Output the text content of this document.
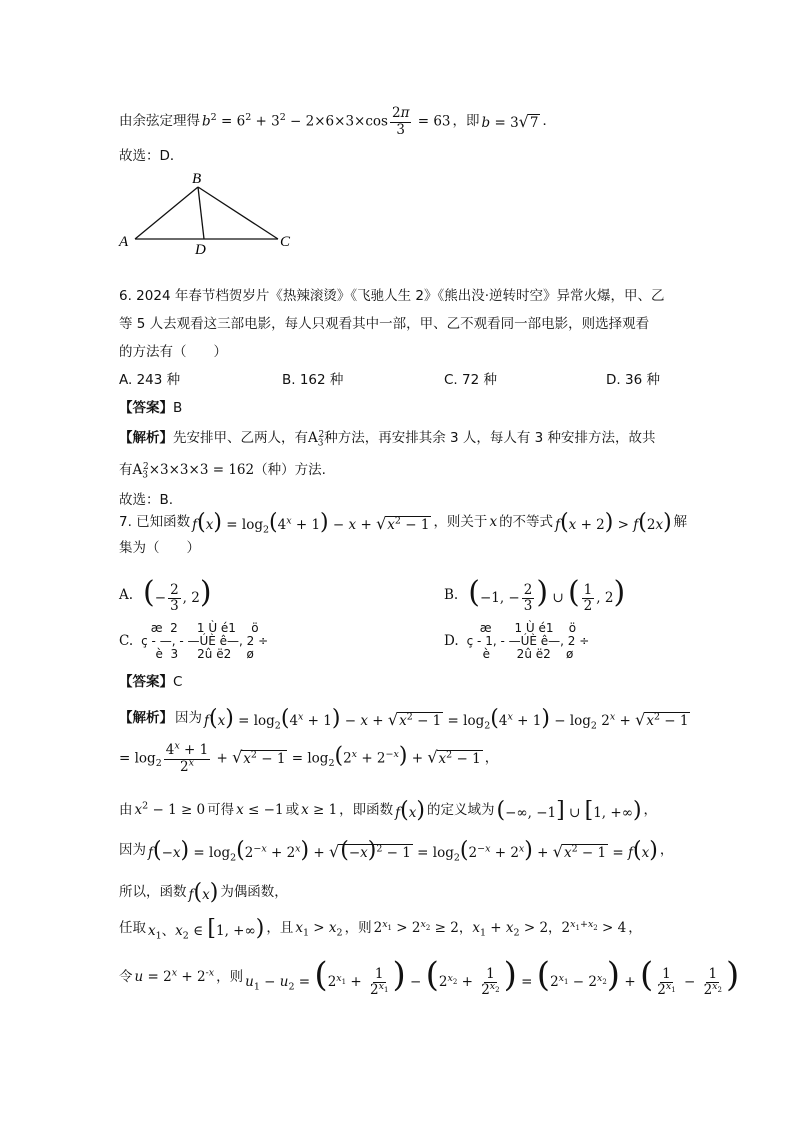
由余弦定理得 $b^2 = 6^2 + 3^2 - 2\times 6\times 3\times\cos \frac{2\pi}{3} = 63$ ，即 b = 3√7 ．
故选：D．
B
A	D	C
6. 2024 年春节档贺岁片《热辣滚烫》《飞驰人生 2》《熊出没·逆转时空》异常火爆，甲、乙
等 5 人去观看这三部电影，每人只观看其中一部，甲、乙不观看同一部电影，则选择观看
的方法有（　　）
A. 243 种	B. 162 种	C. 72 种	D. 36 种
【答案】B
【解析】先安排甲、乙两人，有$A_3^2$种方法，再安排其余 3 人，每人有 3 种安排方法，故共
有$A_3^2\times 3\times 3\times 3 = 162$（种）方法.
故选：B.
7. 已知函数 $f(x) = \log_2(4^x + 1) - x + √x^2 - 1$ ，则关于 x 的不等式 f(x + 2) > f(2x) 解
集为（　　）
A. (− $\frac{2}{3}$ , 2)	B. (−1, − $\frac{2}{3}$ ) ∪ ( $\frac{1}{2}$ , 2)
C.
æ  2     1 Ù é1    ö
ç - —, - —ÚÈ ê—, 2 ÷
è  3     2û ë2    ø
D.
æ      1 Ù é1    ö
ç - 1, - —ÚÈ ê—, 2 ÷
è       2û ë2    ø
【答案】C
【解析】 因为 $f(x) = \log_2(4^x + 1) - x + √x^2 - 1 = \log_2(4^x + 1) - \log_2 2^x + √x^2 - 1$
= $\log_2 \frac{4^x + 1}{2^x} + √x^2 - 1 = \log_2(2^x + 2^{-x}) + √x^2 - 1$ ，
由 $x^2 - 1 \ge 0$ 可得 x ≤ −1 或 x ≥ 1 ，即函数 f(x) 的定义域为 (−∞, −1] ∪ [1, +∞) ，
因为 $f(-x) = \log_2(2^{-x} + 2^x) + √(-x)^2 - 1 = \log_2(2^{-x} + 2^x) + √x^2 - 1 = f(x)$ ，
所以，函数 f(x) 为偶函数，
任取 $x_1$、$x_2$ ∈ [1, +∞) ，且 $x_1 > x_2$ ，则 $2^{x_1} > 2^{x_2} \ge 2$，$x_1 + x_2 > 2$，$2^{x_1+x_2} > 4$ ，
令 $u = 2^x + 2^{-x}$ ，则 $u_1 - u_2 = (2^{x_1} + \frac{1}{2^{x_1}}$ ) − ($2^{x_2} + \frac{1}{2^{x_2}}$ ) = $(2^{x_1} - 2^{x_2})$ + ( $\frac{1}{2^{x_1}} - \frac{1}{2^{x_2}}$ )
